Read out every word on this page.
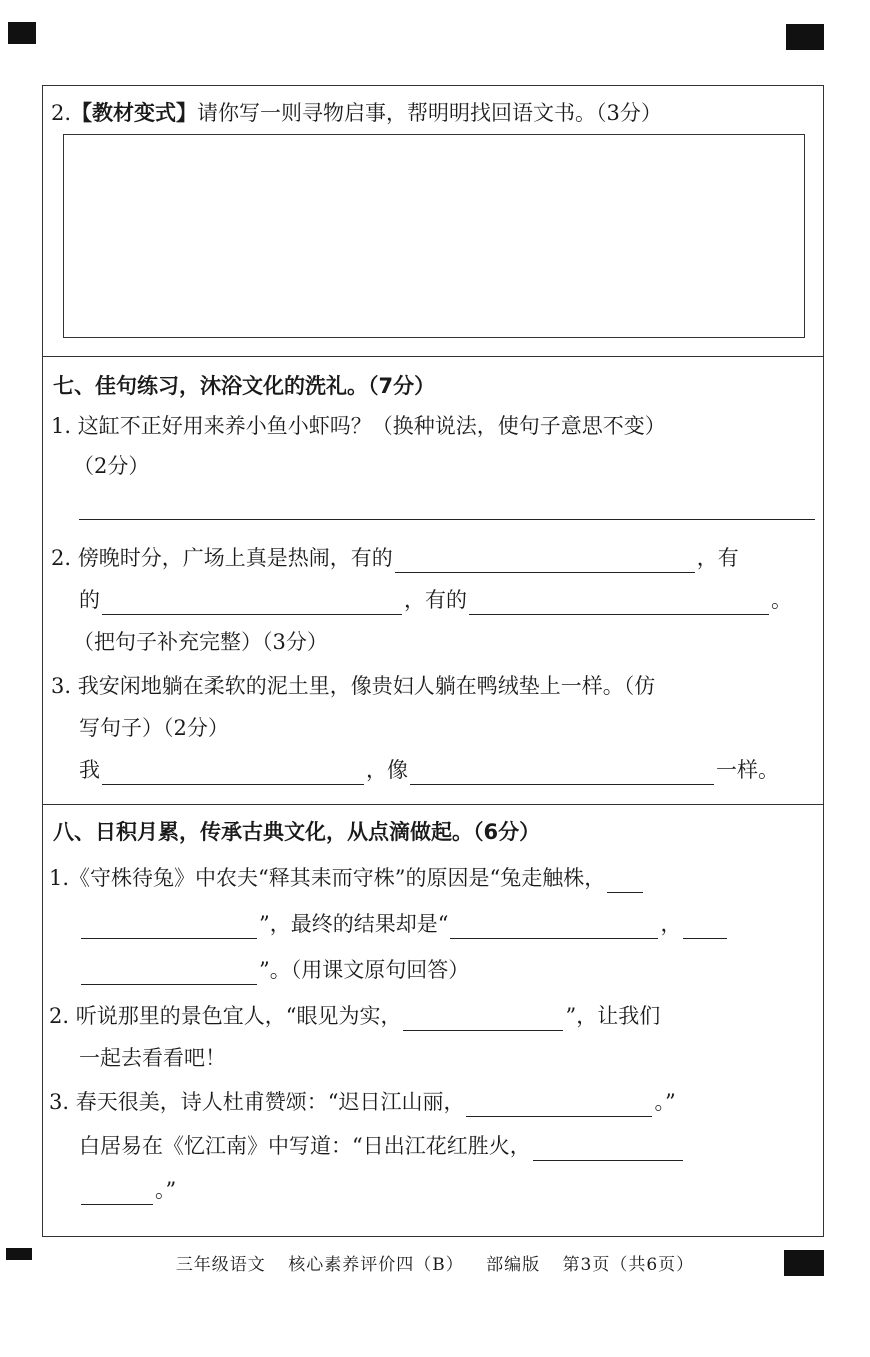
2. 【教材变式】 请你写一则寻物启事，帮明明找回语文书。（3分）
七、佳句练习，沐浴文化的洗礼。（7分）
1. 这缸不正好用来养小鱼小虾吗？（换种说法，使句子意思不变）
（2分）
2. 傍晚时分，广场上真是热闹，有的	，有
的	，有的	。
（把句子补充完整）（3分）
3. 我安闲地躺在柔软的泥土里，像贵妇人躺在鸭绒垫上一样。（仿
写句子）（2分）
我	，像	一样。
八、日积月累，传承古典文化，从点滴做起。（6分）
1.《守株待兔》中农夫“释其耒而守株”的原因是“兔走触株，
”，最终的结果却是“	，
”。（用课文原句回答）
2. 听说那里的景色宜人，“眼见为实，	”，让我们
一起去看看吧！
3. 春天很美，诗人杜甫赞颂：“迟日江山丽，	。”
白居易在《忆江南》中写道：“日出江花红胜火，
。”
三年级语文 核心素养评价四（B） 部编版 第3页（共6页）
